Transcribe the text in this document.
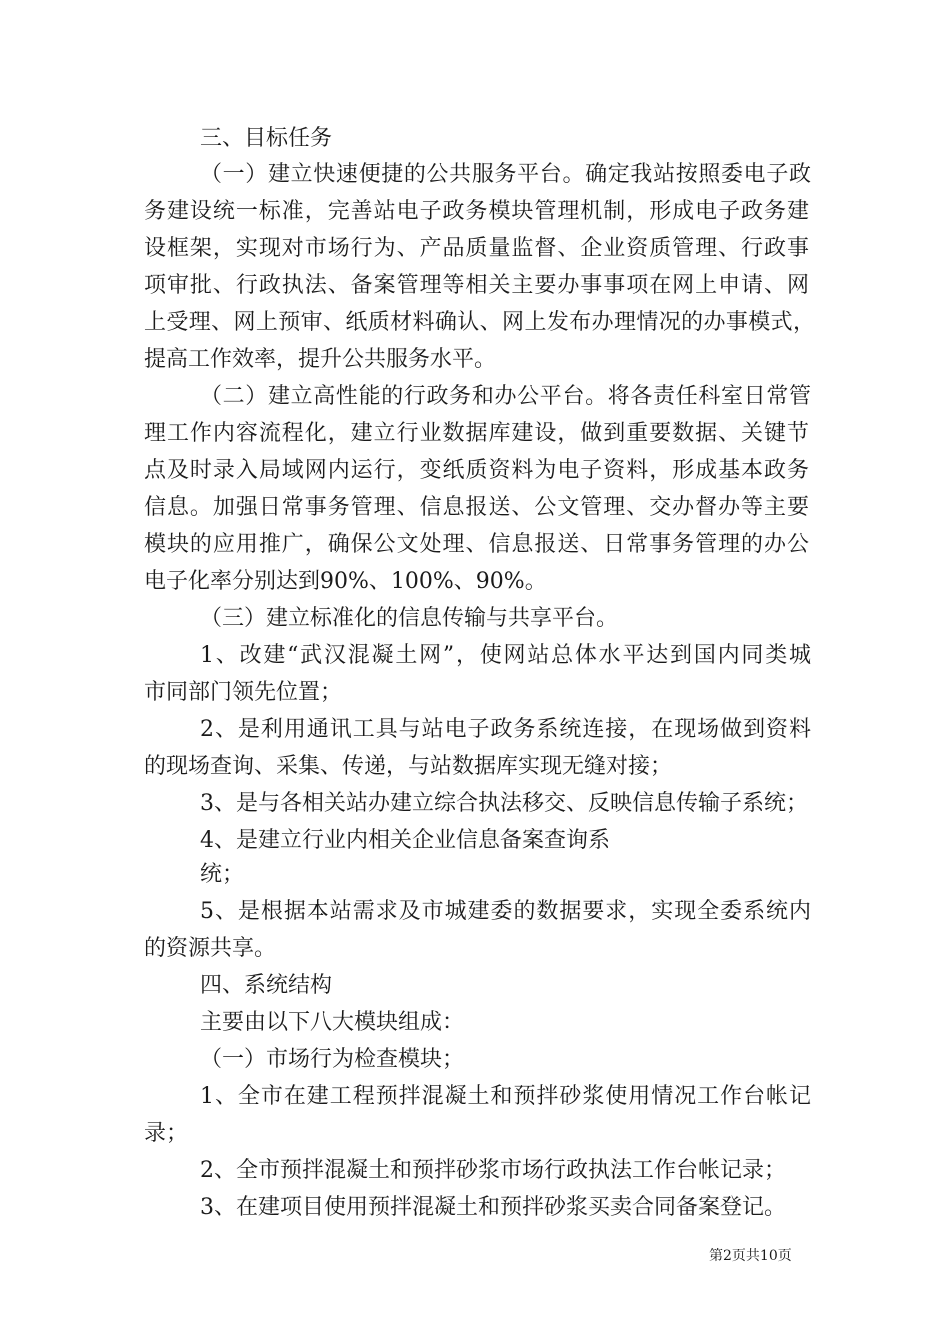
三、目标任务
（一）建立快速便捷的公共服务平台。确定我站按照委电子政
务建设统一标准，完善站电子政务模块管理机制，形成电子政务建
设框架，实现对市场行为、产品质量监督、企业资质管理、行政事
项审批、行政执法、备案管理等相关主要办事事项在网上申请、网
上受理、网上预审、纸质材料确认、网上发布办理情况的办事模式，
提高工作效率，提升公共服务水平。
（二）建立高性能的行政务和办公平台。将各责任科室日常管
理工作内容流程化，建立行业数据库建设，做到重要数据、关键节
点及时录入局域网内运行，变纸质资料为电子资料，形成基本政务
信息。加强日常事务管理、信息报送、公文管理、交办督办等主要
模块的应用推广，确保公文处理、信息报送、日常事务管理的办公
电子化率分别达到90%、100%、90%。
（三）建立标准化的信息传输与共享平台。
1、改建“武汉混凝土网”，使网站总体水平达到国内同类城
市同部门领先位置；
2、是利用通讯工具与站电子政务系统连接，在现场做到资料
的现场查询、采集、传递，与站数据库实现无缝对接；
3、是与各相关站办建立综合执法移交、反映信息传输子系统；
4、是建立行业内相关企业信息备案查询系
统；
5、是根据本站需求及市城建委的数据要求，实现全委系统内
的资源共享。
四、系统结构
主要由以下八大模块组成：
（一）市场行为检查模块；
1、全市在建工程预拌混凝土和预拌砂浆使用情况工作台帐记
录；
2、全市预拌混凝土和预拌砂浆市场行政执法工作台帐记录；
3、在建项目使用预拌混凝土和预拌砂浆买卖合同备案登记。
第2页共10页
